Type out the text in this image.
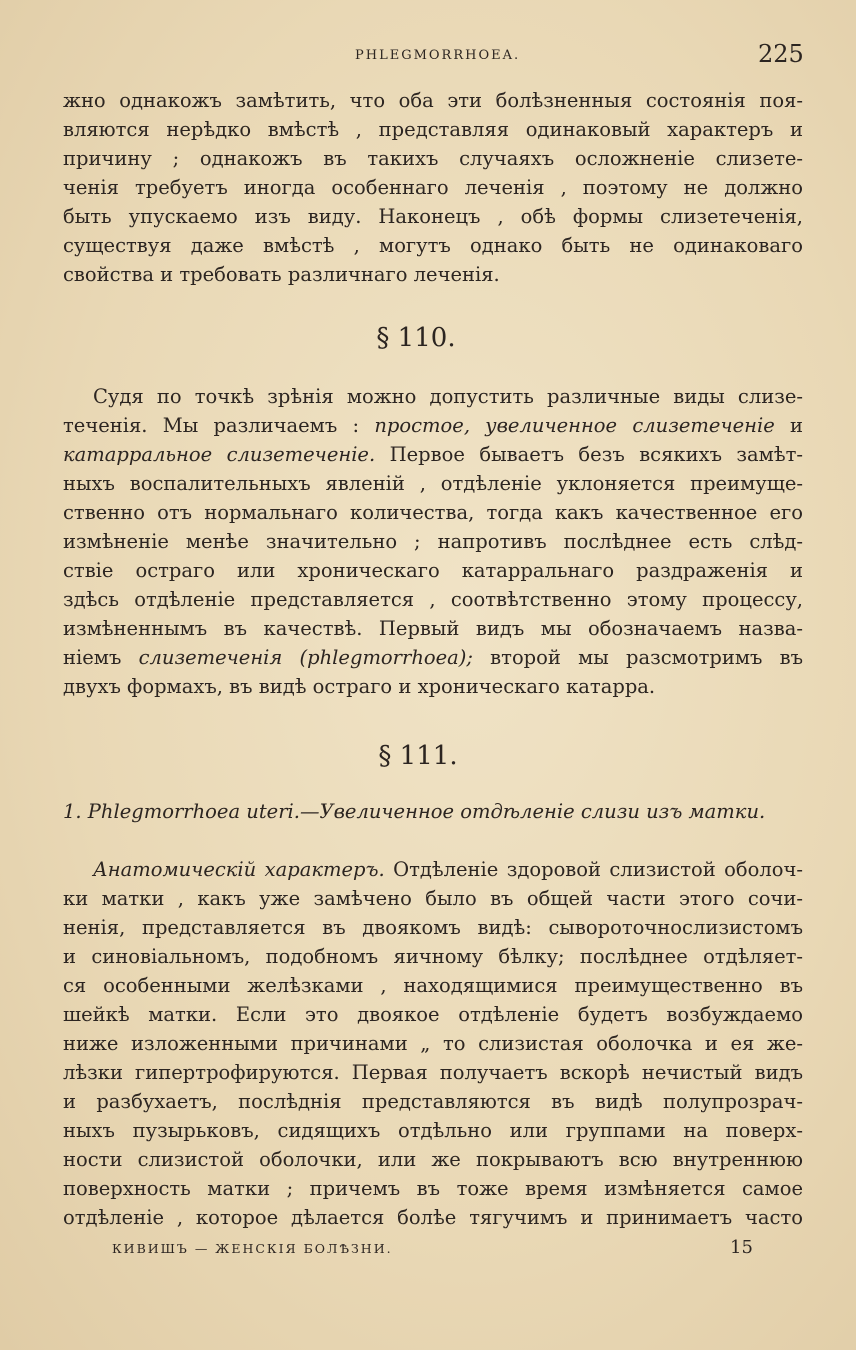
PHLEGMORRHOEA.	225
жно однакожъ замѣтить, что оба эти болѣзненныя состоянія поя-
вляются нерѣдко вмѣстѣ , представляя одинаковый характеръ и
причину ; однакожъ въ такихъ случаяхъ осложненіе слизете-
ченія требуетъ иногда особеннаго леченія , поэтому не должно
быть упускаемо изъ виду. Наконецъ , обѣ формы слизетеченія,
существуя даже вмѣстѣ , могутъ однако быть не одинаковаго
свойства и требовать различнаго леченія.
§ 110.
Судя по точкѣ зрѣнія можно допустить различные виды слизе-
теченія. Мы различаемъ : простое, увеличенное слизетеченіе и
катарральное слизетеченіе. Первое бываетъ безъ всякихъ замѣт-
ныхъ воспалительныхъ явленій , отдѣленіе уклоняется преимуще-
ственно отъ нормальнаго количества, тогда какъ качественное его
измѣненіе менѣе значительно ; напротивъ послѣднее есть слѣд-
ствіе остраго или хроническаго катарральнаго раздраженія и
здѣсь отдѣленіе представляется , соотвѣтственно этому процессу,
измѣненнымъ въ качествѣ. Первый видъ мы обозначаемъ назва-
ніемъ слизетеченія (phlegmorrhoea); второй мы разсмотримъ въ
двухъ формахъ, въ видѣ остраго и хроническаго катарра.
§ 111.
1. Phlegmorrhoea uteri.—Увеличенное отдѣленіе слизи изъ матки.
Анатомическій характеръ. Отдѣленіе здоровой слизистой оболоч-
ки матки , какъ уже замѣчено было въ общей части этого сочи-
ненія, представляется въ двоякомъ видѣ: сывороточнослизистомъ
и синовіальномъ, подобномъ яичному бѣлку; послѣднее отдѣляет-
ся особенными желѣзками , находящимися преимущественно въ
шейкѣ матки. Если это двоякое отдѣленіе будетъ возбуждаемо
ниже изложенными причинами „ то слизистая оболочка и ея же-
лѣзки гипертрофируются. Первая получаетъ вскорѣ нечистый видъ
и разбухаетъ, послѣднія представляются въ видѣ полупрозрач-
ныхъ пузырьковъ, сидящихъ отдѣльно или группами на поверх-
ности слизистой оболочки, или же покрываютъ всю внутреннюю
поверхность матки ; причемъ въ тоже время измѣняется самое
отдѣленіе , которое дѣлается болѣе тягучимъ и принимаетъ часто
КИВИШЪ — ЖЕНСКІЯ БОЛѢЗНИ.	15
